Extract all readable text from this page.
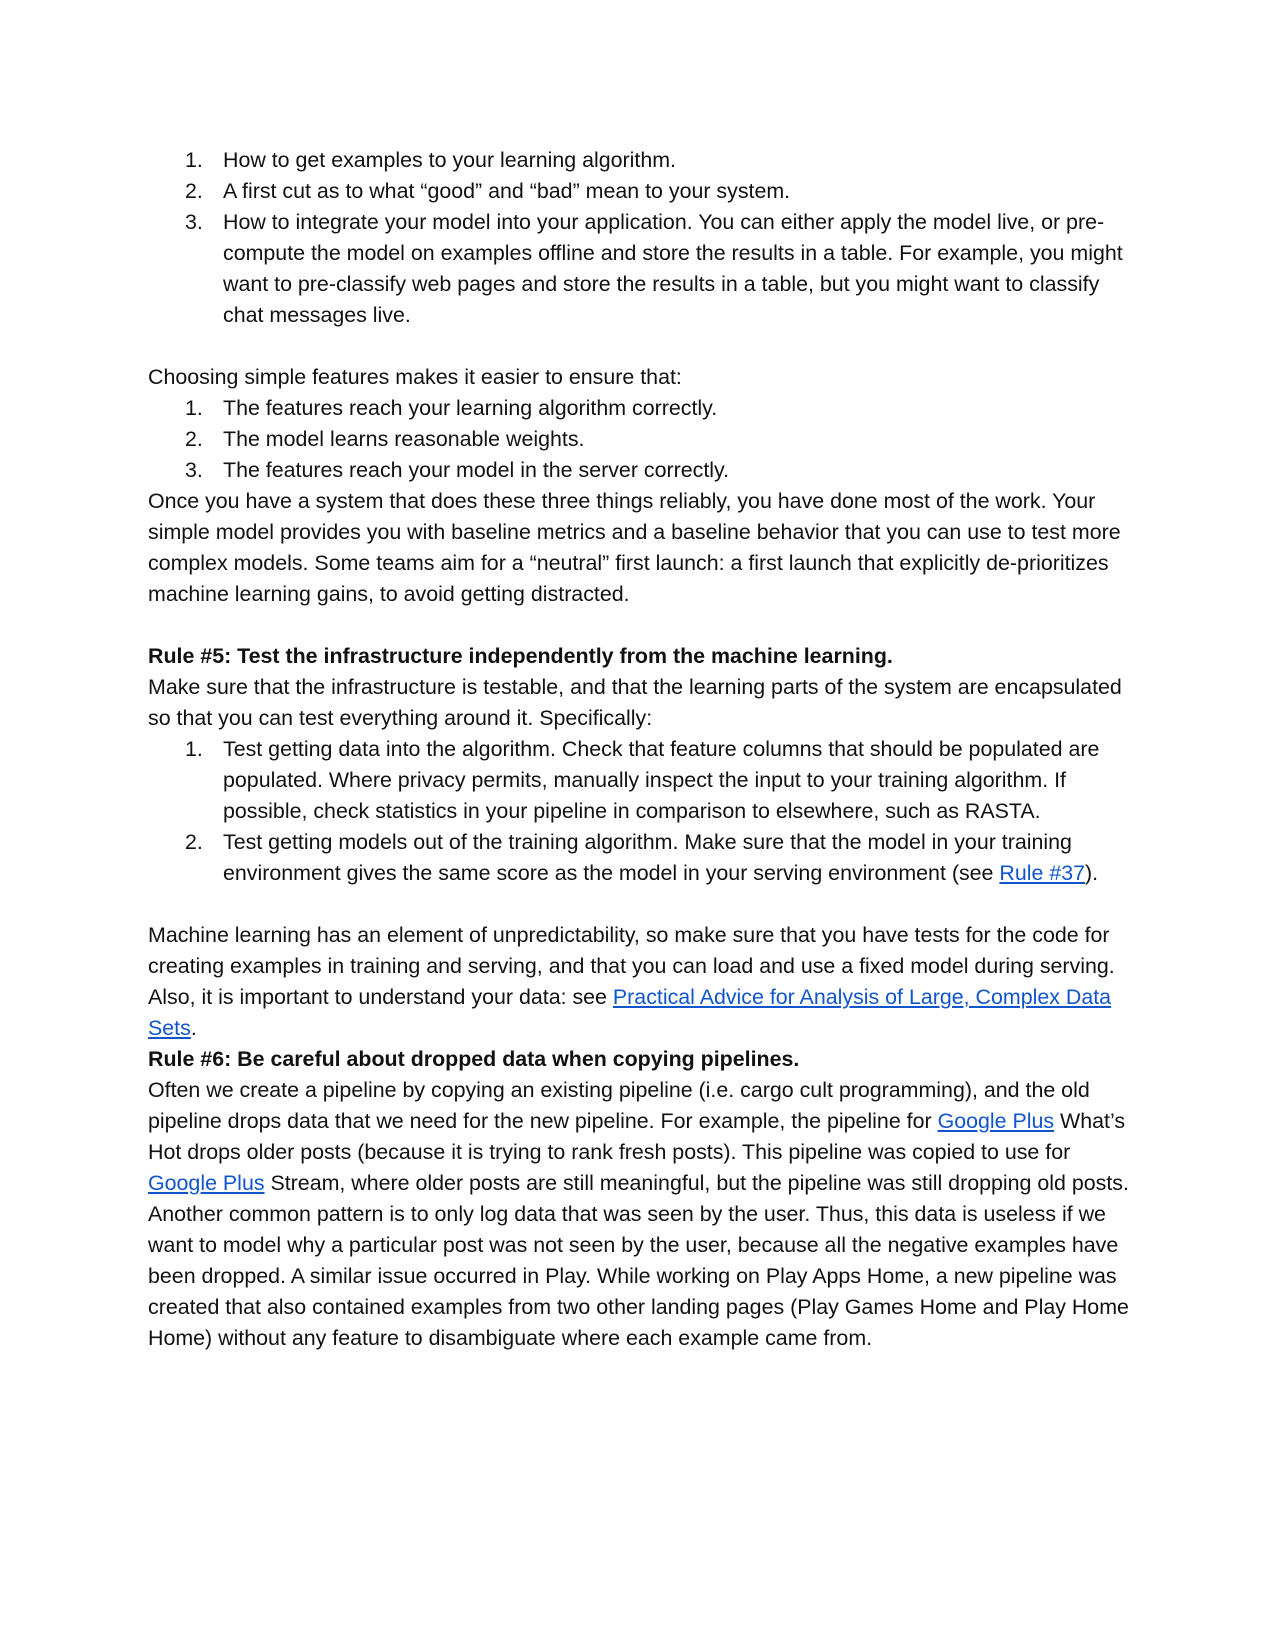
1. How to get examples to your learning algorithm.
2. A first cut as to what “good” and “bad” mean to your system.
3. How to integrate your model into your application. You can either apply the model live, or pre-compute the model on examples offline and store the results in a table. For example, you might want to pre-classify web pages and store the results in a table, but you might want to classify chat messages live.

Choosing simple features makes it easier to ensure that:

1. The features reach your learning algorithm correctly.
2. The model learns reasonable weights.
3. The features reach your model in the server correctly.

Once you have a system that does these three things reliably, you have done most of the work. Your simple model provides you with baseline metrics and a baseline behavior that you can use to test more complex models. Some teams aim for a “neutral” first launch: a first launch that explicitly de-prioritizes machine learning gains, to avoid getting distracted.

Rule #5: Test the infrastructure independently from the machine learning.

Make sure that the infrastructure is testable, and that the learning parts of the system are encapsulated so that you can test everything around it. Specifically:

1. Test getting data into the algorithm. Check that feature columns that should be populated are populated. Where privacy permits, manually inspect the input to your training algorithm. If possible, check statistics in your pipeline in comparison to elsewhere, such as RASTA.
2. Test getting models out of the training algorithm. Make sure that the model in your training environment gives the same score as the model in your serving environment (see Rule #37).

Machine learning has an element of unpredictability, so make sure that you have tests for the code for creating examples in training and serving, and that you can load and use a fixed model during serving. Also, it is important to understand your data: see Practical Advice for Analysis of Large, Complex Data Sets.

Rule #6: Be careful about dropped data when copying pipelines.

Often we create a pipeline by copying an existing pipeline (i.e. cargo cult programming), and the old pipeline drops data that we need for the new pipeline. For example, the pipeline for Google Plus What’s Hot drops older posts (because it is trying to rank fresh posts). This pipeline was copied to use for Google Plus Stream, where older posts are still meaningful, but the pipeline was still dropping old posts. Another common pattern is to only log data that was seen by the user. Thus, this data is useless if we want to model why a particular post was not seen by the user, because all the negative examples have been dropped. A similar issue occurred in Play. While working on Play Apps Home, a new pipeline was created that also contained examples from two other landing pages (Play Games Home and Play Home Home) without any feature to disambiguate where each example came from.
